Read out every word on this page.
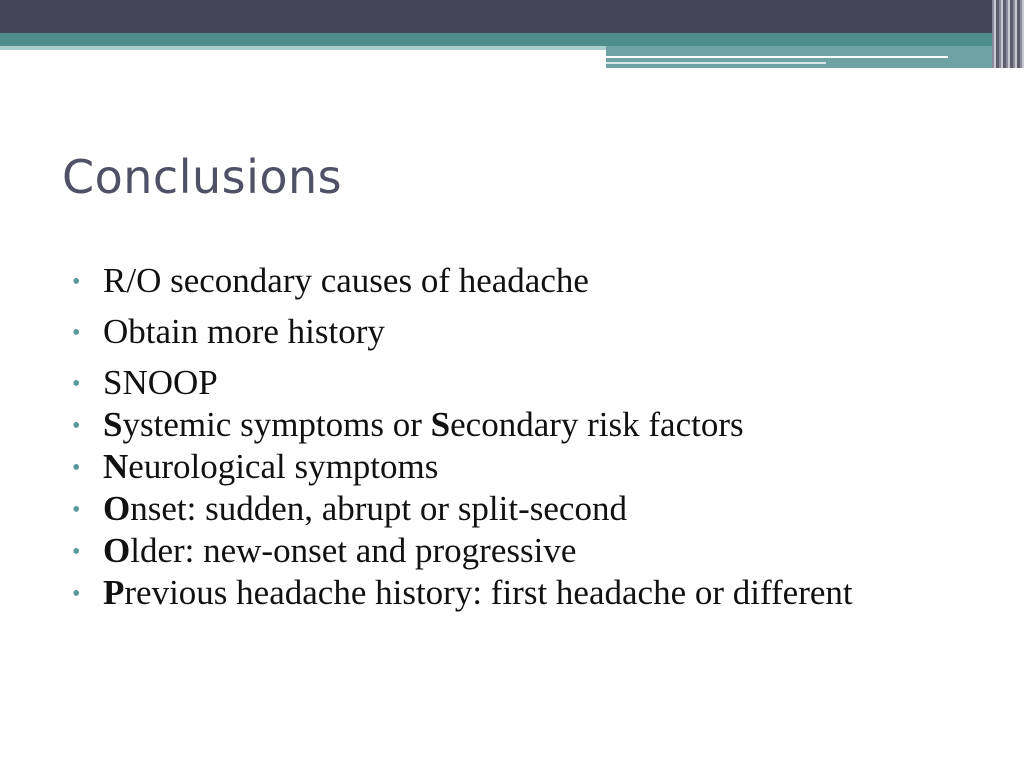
Conclusions
• R/O secondary causes of headache
• Obtain more history
• SNOOP
• Systemic symptoms or Secondary risk factors
• Neurological symptoms
• Onset: sudden, abrupt or split-second
• Older: new-onset and progressive
• Previous headache history: first headache or different
